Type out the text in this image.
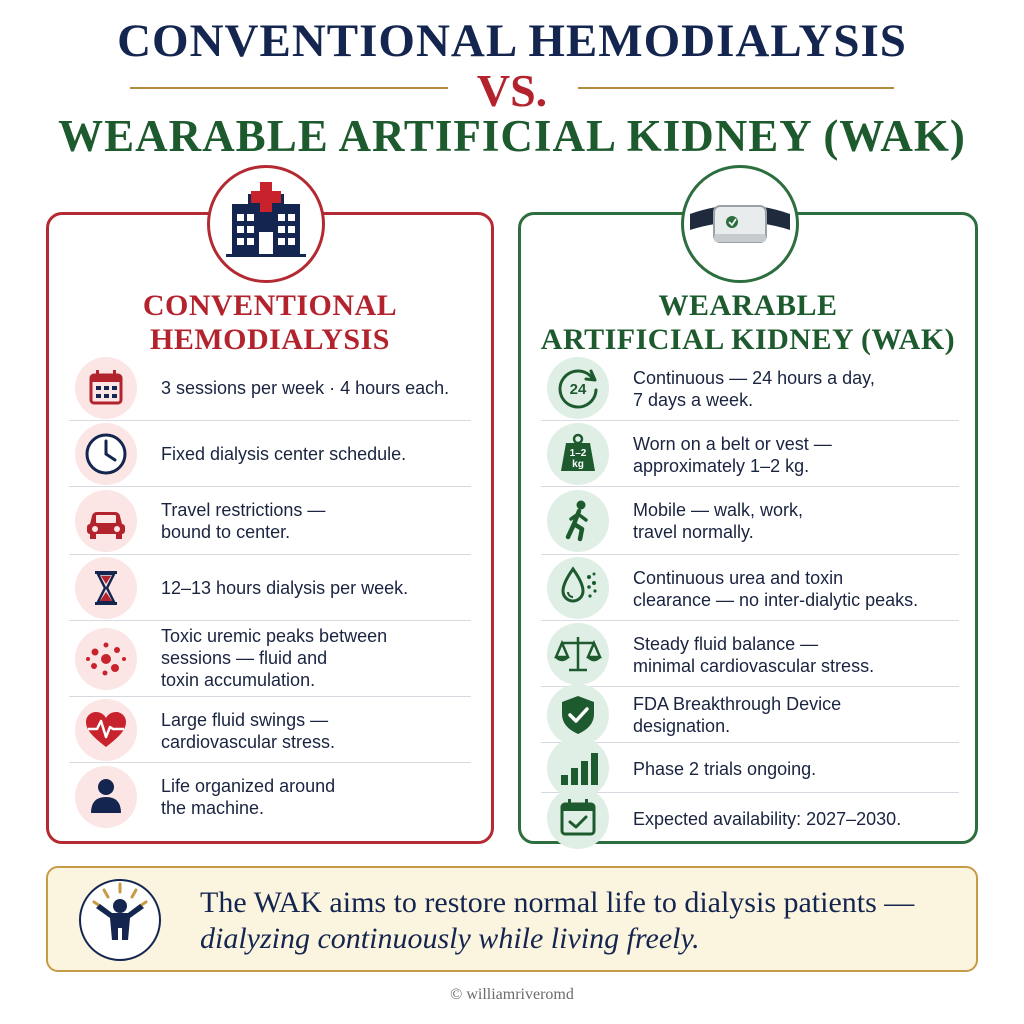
CONVENTIONAL HEMODIALYSIS
VS.
WEARABLE ARTIFICIAL KIDNEY (WAK)
CONVENTIONAL
HEMODIALYSIS
3 sessions per week · 4 hours each.
Fixed dialysis center schedule.
Travel restrictions —
bound to center.
12–13 hours dialysis per week.
Toxic uremic peaks between
sessions — fluid and
toxin accumulation.
Large fluid swings —
cardiovascular stress.
Life organized around
the machine.
WEARABLE
ARTIFICIAL KIDNEY (WAK)
24
Continuous — 24 hours a day,
7 days a week.
1–2
kg
Worn on a belt or vest —
approximately 1–2 kg.
Mobile — walk, work,
travel normally.
Continuous urea and toxin
clearance — no inter-dialytic peaks.
Steady fluid balance —
minimal cardiovascular stress.
FDA Breakthrough Device
designation.
Phase 2 trials ongoing.
Expected availability: 2027–2030.
The WAK aims to restore normal life to dialysis patients —
dialyzing continuously while living freely.
© williamriveromd
